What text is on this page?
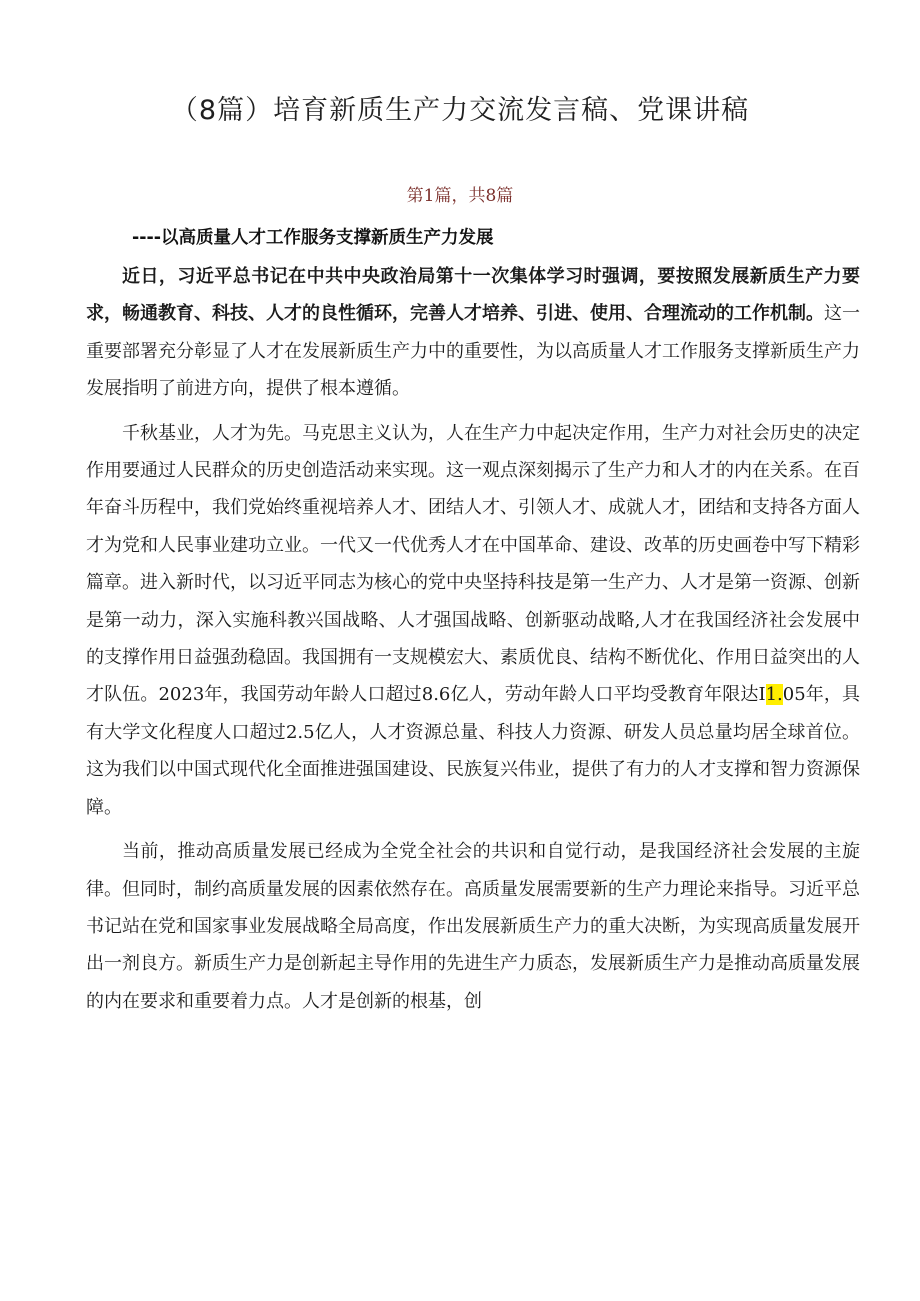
（8篇）培育新质生产力交流发言稿、党课讲稿
第1篇，共8篇
----以高质量人才工作服务支撑新质生产力发展

近日，习近平总书记在中共中央政治局第十一次集体学习时强调，要按照发展新质生产力要求，畅通教育、科技、人才的良性循环，完善人才培养、引进、使用、合理流动的工作机制。这一重要部署充分彰显了人才在发展新质生产力中的重要性，为以高质量人才工作服务支撑新质生产力发展指明了前进方向，提供了根本遵循。

千秋基业，人才为先。马克思主义认为，人在生产力中起决定作用，生产力对社会历史的决定作用要通过人民群众的历史创造活动来实现。这一观点深刻揭示了生产力和人才的内在关系。在百年奋斗历程中，我们党始终重视培养人才、团结人才、引领人才、成就人才，团结和支持各方面人才为党和人民事业建功立业。一代又一代优秀人才在中国革命、建设、改革的历史画卷中写下精彩篇章。进入新时代，以习近平同志为核心的党中央坚持科技是第一生产力、人才是第一资源、创新是第一动力，深入实施科教兴国战略、人才强国战略、创新驱动战略,人才在我国经济社会发展中的支撑作用日益强劲稳固。我国拥有一支规模宏大、素质优良、结构不断优化、作用日益突出的人才队伍。2023年，我国劳动年龄人口超过8.6亿人，劳动年龄人口平均受教育年限达I1.05年，具有大学文化程度人口超过2.5亿人，人才资源总量、科技人力资源、研发人员总量均居全球首位。这为我们以中国式现代化全面推进强国建设、民族复兴伟业，提供了有力的人才支撑和智力资源保障。

当前，推动高质量发展已经成为全党全社会的共识和自觉行动，是我国经济社会发展的主旋律。但同时，制约高质量发展的因素依然存在。高质量发展需要新的生产力理论来指导。习近平总书记站在党和国家事业发展战略全局高度，作出发展新质生产力的重大决断，为实现高质量发展开出一剂良方。新质生产力是创新起主导作用的先进生产力质态，发展新质生产力是推动高质量发展的内在要求和重要着力点。人才是创新的根基，创
